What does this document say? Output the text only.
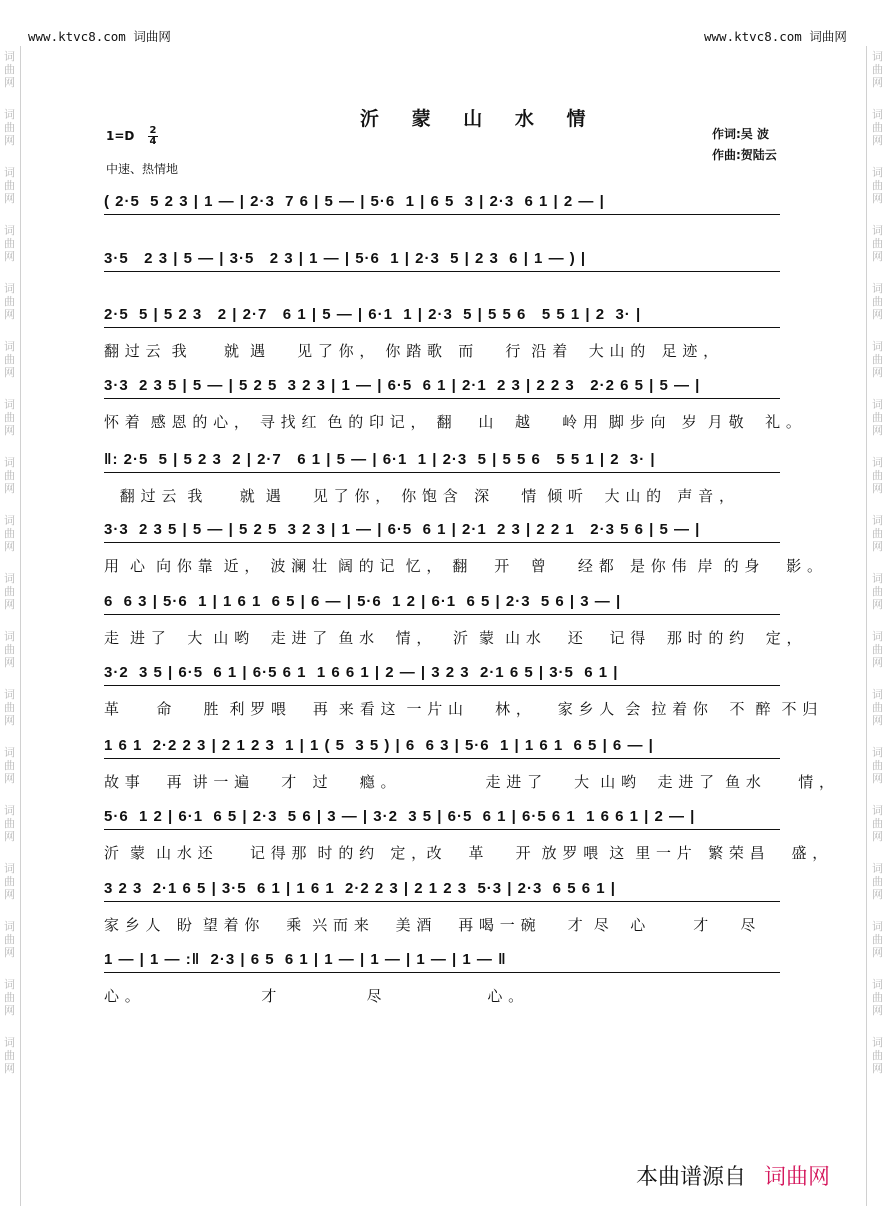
词
曲
网
词
曲
网
词
曲
网
词
曲
网
词
曲
网
词
曲
网
词
曲
网
词
曲
网
词
曲
网
词
曲
网
词
曲
网
词
曲
网
词
曲
网
词
曲
网
词
曲
网
词
曲
网
词
曲
网
词
曲
网
词
曲
网
词
曲
网
词
曲
网
词
曲
网
词
曲
网
词
曲
网
词
曲
网
词
曲
网
词
曲
网
词
曲
网
词
曲
网
词
曲
网
词
曲
网
词
曲
网
词
曲
网
词
曲
网
词
曲
网
词
曲
网
www.ktvc8.com 词曲网	www.ktvc8.com 词曲网
沂 蒙 山 水 情
1=D 2
4
中速、热情地
作词:吴 波
作曲:贺陆云
( 2·5  5 2 3 | 1 — | 2·3  7 6 | 5 — | 5·6  1 | 6 5  3 | 2·3  6 1 | 2 — |
3·5   2 3 | 5 — | 3·5   2 3 | 1 — | 5·6  1 | 2·3  5 | 2 3  6 | 1 — ) |
2·5  5 | 5 2 3   2 | 2·7   6 1 | 5 — | 6·1  1 | 2·3  5 | 5 5 6   5 5 1 | 2  3· |
翻 过 云  我       就  遇      见 了 你 ，  你 踏 歌   而      行  沿 着    大 山 的   足 迹 ，
3·3  2 3 5 | 5 — | 5 2 5  3 2 3 | 1 — | 6·5  6 1 | 2·1  2 3 | 2 2 3   2·2 6 5 | 5 — |
怀 着  感 恩 的 心 ，  寻 找 红  色 的 印 记 ，  翻     山    越      岭 用  脚 步 向   岁  月 敬    礼 。
‖: 2·5  5 | 5 2 3  2 | 2·7   6 1 | 5 — | 6·1  1 | 2·3  5 | 5 5 6   5 5 1 | 2  3· |
翻 过 云  我       就  遇      见 了 你 ，  你 饱 含   深      情  倾 听    大 山 的   声 音 ，
3·3  2 3 5 | 5 — | 5 2 5  3 2 3 | 1 — | 6·5  6 1 | 2·1  2 3 | 2 2 1   2·3 5 6 | 5 — |
用  心  向 你 靠  近 ，  波 澜 壮  阔 的 记  忆 ，  翻     开    曾      经 都   是 你 伟  岸  的 身     影 。
6  6 3 | 5·6  1 | 1 6 1  6 5 | 6 — | 5·6  1 2 | 6·1  6 5 | 2·3  5 6 | 3 — |
走  进 了    大  山 哟    走 进 了  鱼 水    情 ，    沂  蒙  山 水     还     记 得    那 时 的 约    定 ，
3·2  3 5 | 6·5  6 1 | 6·5 6 1  1 6 6 1 | 2 — | 3 2 3  2·1 6 5 | 3·5  6 1 |
革       命      胜  利 罗 喂     再  来 看 这  一 片 山      林 ，     家 乡 人  会  拉 着 你    不  醉  不 归
1 6 1  2·2 2 3 | 2 1 2 3  1 | 1 ( 5  3 5 ) | 6  6 3 | 5·6  1 | 1 6 1  6 5 | 6 — |
故 事     再  讲 一 遍      才   过      瘾 。                 走 进 了      大  山 哟    走 进 了  鱼 水       情 ，
5·6  1 2 | 6·1  6 5 | 2·3  5 6 | 3 — | 3·2  3 5 | 6·5  6 1 | 6·5 6 1  1 6 6 1 | 2 — |
沂  蒙  山 水 还       记 得 那  时 的 约   定 ，改     革      开  放 罗 喂  这  里 一 片   繁 荣 昌     盛 ，
3 2 3  2·1 6 5 | 3·5  6 1 | 1 6 1  2·2 2 3 | 2 1 2 3  5·3 | 2·3  6 5 6 1 |
家 乡 人   盼  望 着 你     乘  兴 而 来     美 酒     再 喝 一 碗      才  尽    心         才      尽
1 — | 1 — :‖  2·3 | 6 5  6 1 | 1 — | 1 — | 1 — | 1 — ‖
心 。                       才                 尽                    心 。
本曲谱源自 词曲网
